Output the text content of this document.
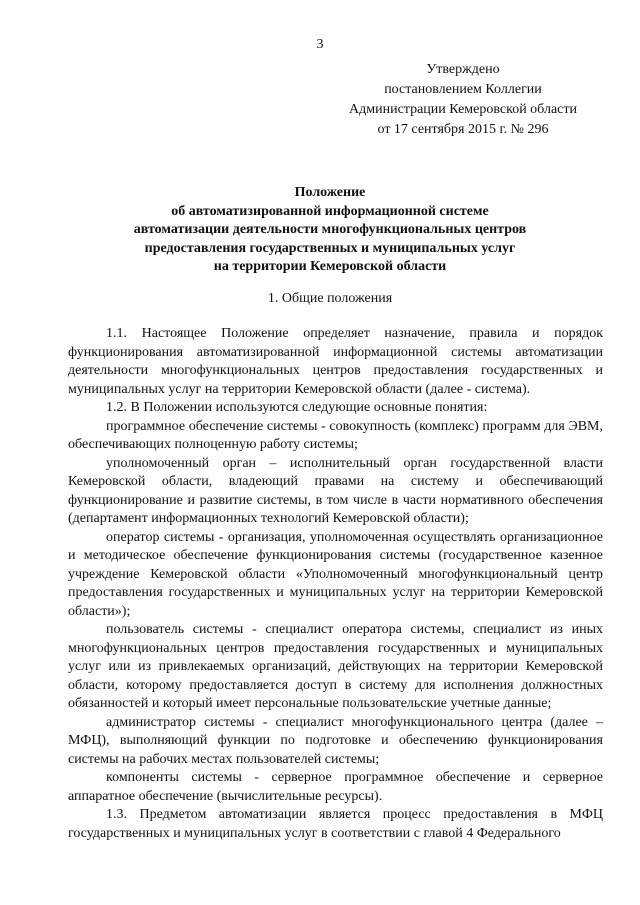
3
Утверждено
постановлением Коллегии
Администрации Кемеровской области
от 17 сентября 2015 г. № 296
Положение
об автоматизированной информационной системе
автоматизации деятельности многофункциональных центров
предоставления государственных и муниципальных услуг
на территории Кемеровской области
1. Общие положения

1.1. Настоящее Положение определяет назначение, правила и порядок функционирования автоматизированной информационной системы автоматизации деятельности многофункциональных центров предоставления государственных и муниципальных услуг на территории Кемеровской области (далее - система).

1.2. В Положении используются следующие основные понятия:

программное обеспечение системы - совокупность (комплекс) программ для ЭВМ, обеспечивающих полноценную работу системы;

уполномоченный орган – исполнительный орган государственной власти Кемеровской области, владеющий правами на систему и обеспечивающий функционирование и развитие системы, в том числе в части нормативного обеспечения (департамент информационных технологий Кемеровской области);

оператор системы - организация, уполномоченная осуществлять организационное и методическое обеспечение функционирования системы (государственное казенное учреждение Кемеровской области «Уполномоченный многофункциональный центр предоставления государственных и муниципальных услуг на территории Кемеровской области»);

пользователь системы - специалист оператора системы, специалист из иных многофункциональных центров предоставления государственных и муниципальных услуг или из привлекаемых организаций, действующих на территории Кемеровской области, которому предоставляется доступ в систему для исполнения должностных обязанностей и который имеет персональные пользовательские учетные данные;

администратор системы - специалист многофункционального центра (далее – МФЦ), выполняющий функции по подготовке и обеспечению функционирования системы на рабочих местах пользователей системы;

компоненты системы - серверное программное обеспечение и серверное аппаратное обеспечение (вычислительные ресурсы).

1.3. Предметом автоматизации является процесс предоставления в МФЦ государственных и муниципальных услуг в соответствии с главой 4 Федерального
